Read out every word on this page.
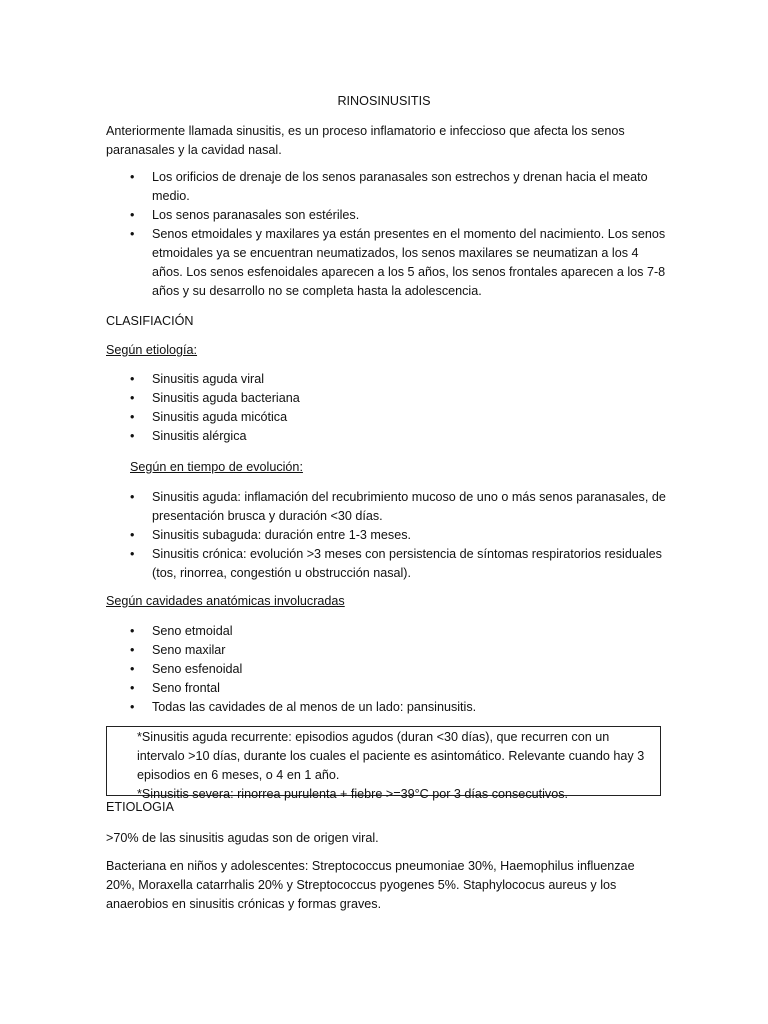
RINOSINUSITIS

Anteriormente llamada sinusitis, es un proceso inflamatorio e infeccioso que afecta los senos paranasales y la cavidad nasal.

•	Los orificios de drenaje de los senos paranasales son estrechos y drenan hacia el meato medio.
•	Los senos paranasales son estériles.
•	Senos etmoidales y maxilares ya están presentes en el momento del nacimiento. Los senos etmoidales ya se encuentran neumatizados, los senos maxilares se neumatizan a los 4 años. Los senos esfenoidales aparecen a los 5 años, los senos frontales aparecen a los 7-8 años y su desarrollo no se completa hasta la adolescencia.

CLASIFIACIÓN

Según etiología:

•	Sinusitis aguda viral
•	Sinusitis aguda bacteriana
•	Sinusitis aguda micótica
•	Sinusitis alérgica

Según en tiempo de evolución:

•	Sinusitis aguda: inflamación del recubrimiento mucoso de uno o más senos paranasales, de presentación brusca y duración <30 días.
•	Sinusitis subaguda: duración entre 1-3 meses.
•	Sinusitis crónica: evolución >3 meses con persistencia de síntomas respiratorios residuales (tos, rinorrea, congestión u obstrucción nasal).

Según cavidades anatómicas involucradas

•	Seno etmoidal
•	Seno maxilar
•	Seno esfenoidal
•	Seno frontal
•	Todas las cavidades de al menos de un lado: pansinusitis.
*Sinusitis aguda recurrente: episodios agudos (duran <30 días), que recurren con un
intervalo >10 días, durante los cuales el paciente es asintomático. Relevante cuando hay 3
episodios en 6 meses, o 4 en 1 año.
*Sinusitis severa: rinorrea purulenta + fiebre >=39°C por 3 días consecutivos.

ETIOLOGIA

>70% de las sinusitis agudas son de origen viral.

Bacteriana en niños y adolescentes: Streptococcus pneumoniae 30%, Haemophilus influenzae 20%, Moraxella catarrhalis 20% y Streptococcus pyogenes 5%. Staphylococus aureus y los anaerobios en sinusitis crónicas y formas graves.
